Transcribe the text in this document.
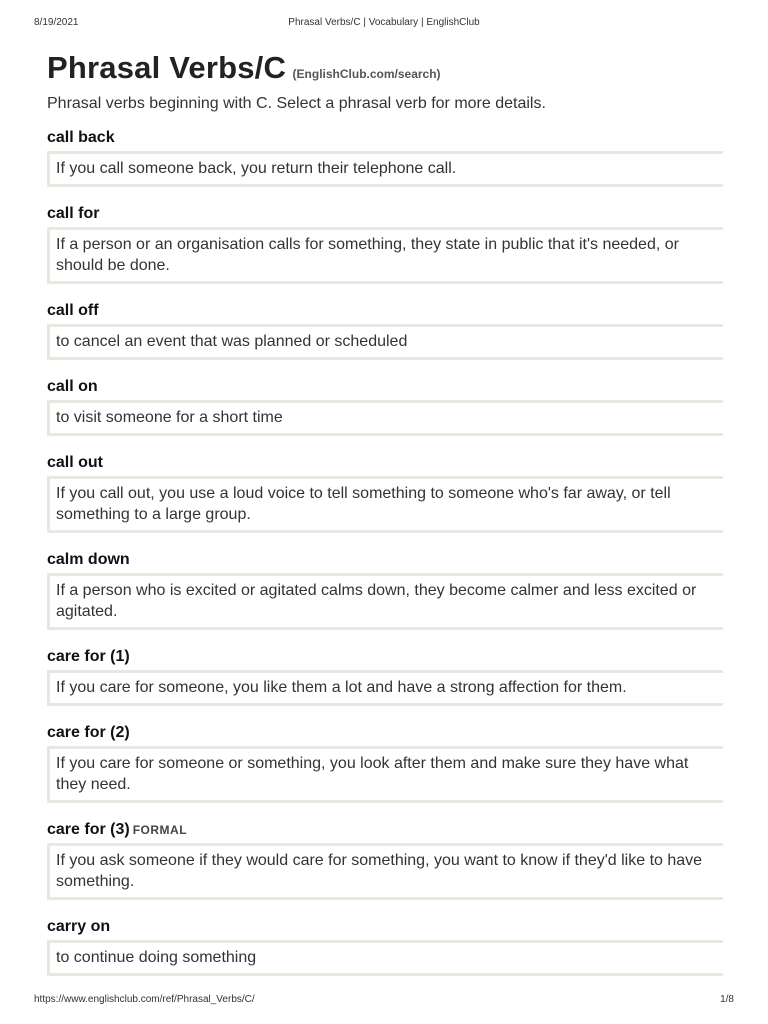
8/19/2021	Phrasal Verbs/C | Vocabulary | EnglishClub
Phrasal Verbs/C (EnglishClub.com/search)
Phrasal verbs beginning with C. Select a phrasal verb for more details.
call back
If you call someone back, you return their telephone call.
call for
If a person or an organisation calls for something, they state in public that it's needed, or should be done.
call off
to cancel an event that was planned or scheduled
call on
to visit someone for a short time
call out
If you call out, you use a loud voice to tell something to someone who's far away, or tell something to a large group.
calm down
If a person who is excited or agitated calms down, they become calmer and less excited or agitated.
care for (1)
If you care for someone, you like them a lot and have a strong affection for them.
care for (2)
If you care for someone or something, you look after them and make sure they have what they need.
care for (3) FORMAL
If you ask someone if they would care for something, you want to know if they'd like to have something.
carry on
to continue doing something
https://www.englishclub.com/ref/Phrasal_Verbs/C/	1/8
